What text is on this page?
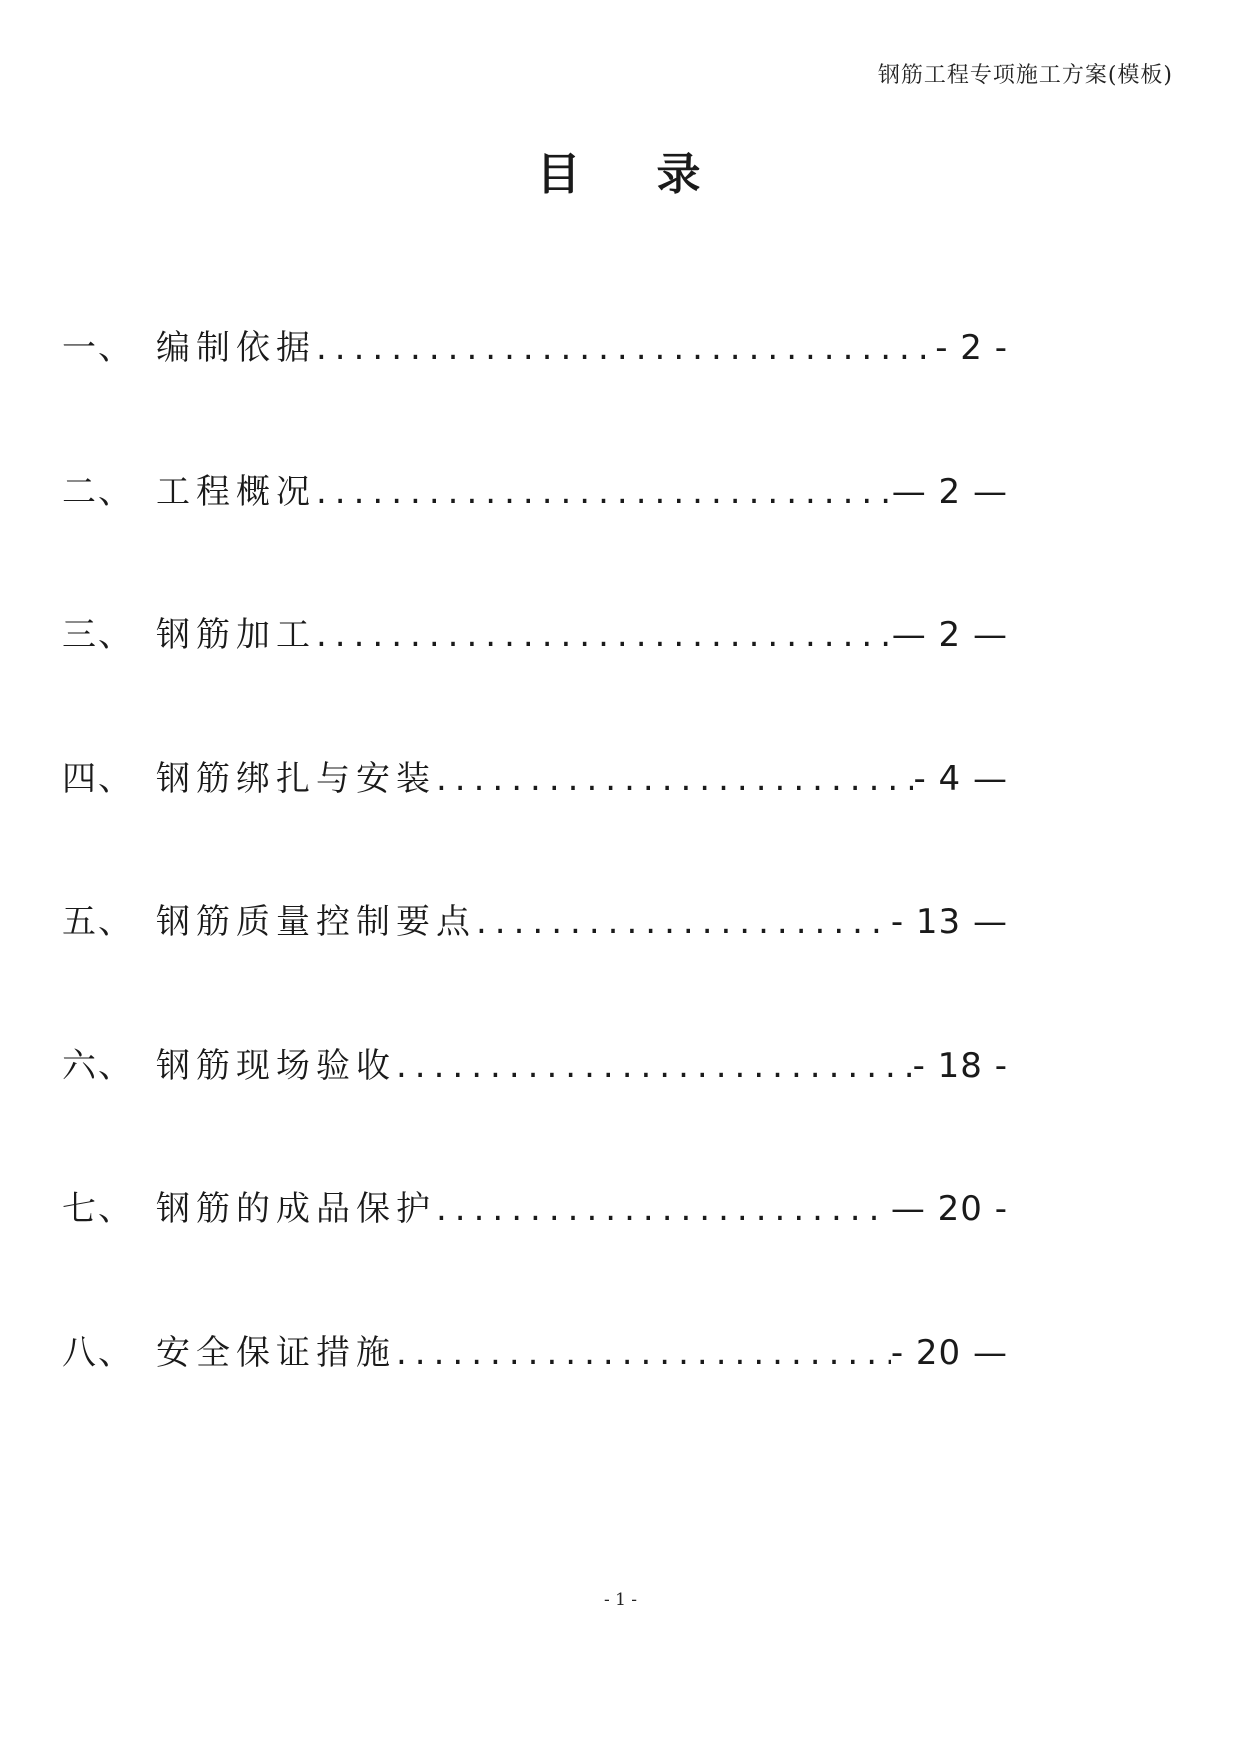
钢筋工程专项施工方案(模板)
目 录
一、 编制依据 .....	- 2 -
二、 工程概况 .....	— 2 —
三、 钢筋加工 .....	— 2 —
四、 钢筋绑扎与安装 .....	- 4 —
五、 钢筋质量控制要点 .....	- 13 —
六、 钢筋现场验收 .....	- 18 -
七、 钢筋的成品保护 .....	— 20 -
八、 安全保证措施 .....	- 20 —
- 1 -
